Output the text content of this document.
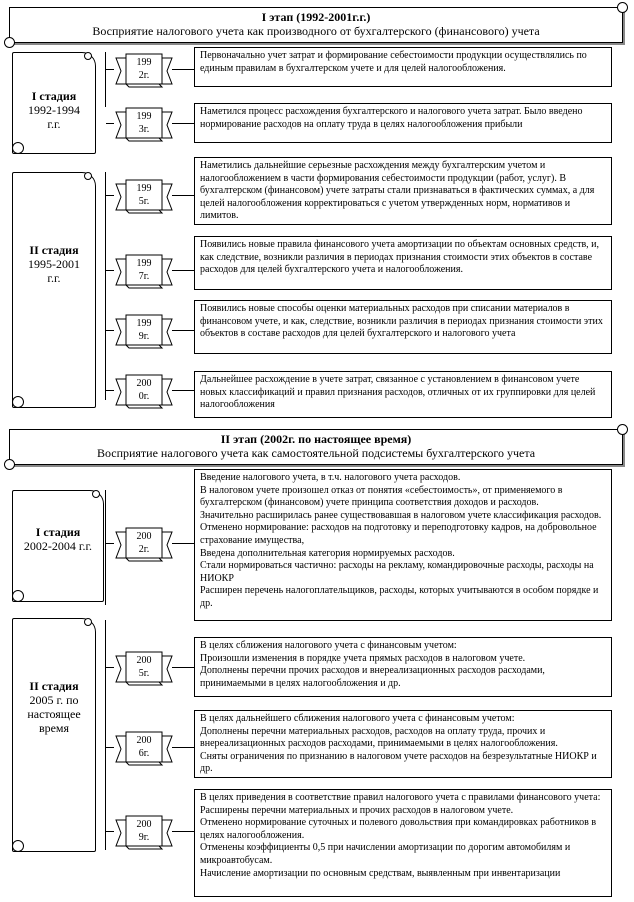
I этап (1992-2001г.г.)
Восприятие налогового учета как производного от бухгалтерского (финансового) учета
II этап (2002г. по настоящее время)
Восприятие налогового учета как самостоятельной подсистемы бухгалтерского учета
I стадия
1992-1994
г.г.
II стадия
1995-2001
г.г.
I стадия
2002-2004 г.г.
II стадия
2005 г. по
настоящее
время
199
2г.
199
3г.
199
5г.
199
7г.
199
9г.
200
0г.
200
2г.
200
5г.
200
6г.
200
9г.

Первоначально учет затрат и формирование себестоимости продукции осуществлялись по единым правилам в бухгалтерском учете и для целей налогообложения.

Наметился процесс расхождения бухгалтерского и налогового учета затрат. Было введено нормирование расходов на оплату труда в целях налогообложения прибыли

Наметились дальнейшие серьезные расхождения между бухгалтерским учетом и налогообложением в части формирования себестоимости продукции (работ, услуг). В бухгалтерском (финансовом) учете затраты стали признаваться в фактических суммах, а для целей налогообложения корректироваться с учетом утвержденных норм, нормативов и лимитов.

Появились новые правила финансового учета амортизации по объектам основных средств, и, как следствие, возникли различия в периодах признания стоимости этих объектов в составе расходов для целей бухгалтерского учета и налогообложения.

Появились новые способы оценки материальных расходов при списании материалов в финансовом учете, и как, следствие, возникли различия в периодах признания стоимости этих объектов в составе расходов для целей бухгалтерского и налогового учета

Дальнейшее расхождение в учете затрат, связанное с установлением в финансовом учете новых классификаций и правил признания расходов, отличных от их группировки для целей налогообложения

Введение налогового учета, в т.ч. налогового учета расходов.

В налоговом учете произошел отказ от понятия «себестоимость», от применяемого в бухгалтерском (финансовом) учете принципа соответствия доходов и расходов.

Значительно расширилась ранее существовавшая в налоговом учете классификация расходов.

Отменено нормирование: расходов на подготовку и переподготовку кадров, на добровольное страхование имущества,

Введена дополнительная категория нормируемых расходов.

Стали нормироваться частично: расходы на рекламу, командировочные расходы, расходы на НИОКР

Расширен перечень налогоплательщиков, расходы, которых учитываются в особом порядке и др.

В целях сближения налогового учета с финансовым учетом:

Произошли изменения в порядке учета прямых расходов в налоговом учете.

Дополнены перечни прочих расходов и внереализационных расходов расходами, принимаемыми в целях налогообложения и др.

В целях дальнейшего сближения налогового учета с финансовым учетом:

Дополнены перечни материальных расходов, расходов на оплату труда, прочих и внереализационных расходов расходами, принимаемыми в целях налогообложения.

Сняты ограничения по признанию в налоговом учете расходов на безрезультатные НИОКР и др.

В целях приведения в соответствие правил налогового учета с правилами финансового учета:

Расширены перечни материальных и прочих расходов в налоговом учете.

Отменено нормирование суточных и полевого довольствия при командировках работников в целях налогообложения.

Отменены коэффициенты 0,5 при начислении амортизации по дорогим автомобилям и микроавтобусам.

Начисление амортизации по основным средствам, выявленным при инвентаризации
